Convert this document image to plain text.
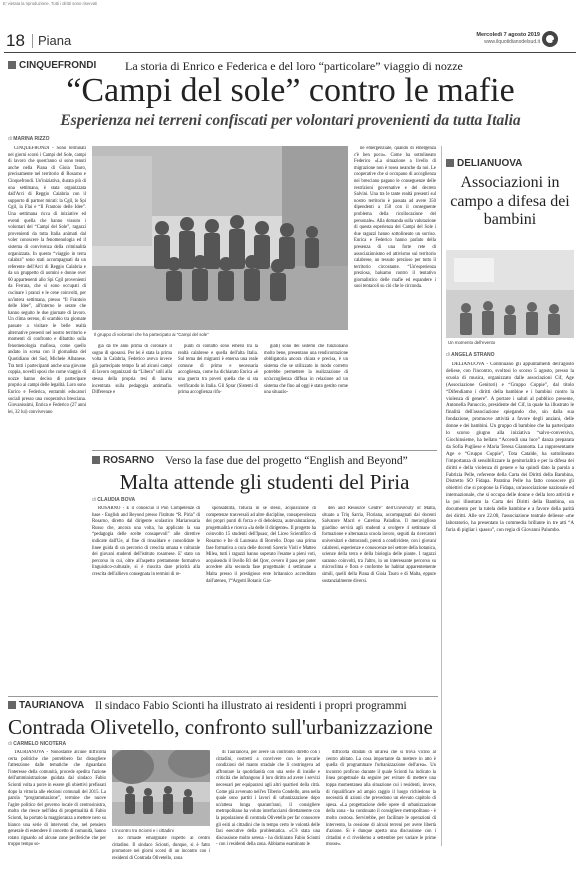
E' vietata la riproduzione. Tutti i diritti sono riservati
18 Piana	Mercoledì 7 agosto 2019
www.ilquotidianodelsud.it
CINQUEFRONDI La storia di Enrico e Federica e del loro “particolare” viaggio di nozze
“Campi del sole” contro le mafie
Esperienza nei terreni confiscati per volontari provenienti da tutta Italia
di MARINA RIZZO

CINQUEFRONDI - Sono terminati nei giorni scorsi i Campi del Sole, campi di lavoro che quest'anno si sono tenuti anche nella Piana di Gioia Tauro, precisamente nel territorio di Rosarno e Cinquefrondi. Un'iniziativa, durata più di una settimana, è stata organizzata dall'Arci di Reggio Calabria con il supporto di partner mirati: la Cgil, lo Spi Cgil, la Flai e “Il Frantoio delle Idee”. Una settimana ricca di iniziative ed eventi quella che hanno vissuto i volontari del “Campi del Sole”, ragazzi provenienti da tutta Italia animati dal voler conoscere la fenomenologia ed il sistema di convivenza della criminalità organizzata. In questo “viaggio in terra calabra” sono stati accompagnati da un referente dell'Arci di Reggio Calabria e da un gruppetto di uomini e donne over 60 appartenenti allo Spi Cgil provenienti da Ferrara, che si sono occupati di cucinare i pranzi e le cene coinvolti, per un'intera settimana, presso “Il Frantoio delle Idee”, all'interno le serate che hanno seguito le due giornate di lavoro. Un clima sereno, di scambio tra giornate passate a visitare le belle realtà alternative presenti nel nostro territorio e momenti di confronto e dibattito sulla fenomenologia mafiosa, come quello andato in scena con il giornalista del Quotidiano del Sud, Michele Albanese. Tra tutti i partecipanti anche una giovane coppia, novelli sposi che come viaggio di nozze hanno deciso di partecipare proprio ai campi delle legalità. Loro sono Enrico e Federica, entrambi educatori sociali presso una cooperativa bresciana. Giovanissimi, Enrica e Federico (27 anni lei, 32 lui) convivevano

Il gruppo di volontari che ha partecipato ai “Campi del sole”

già da tre anni prima di coronare il sogno di sposarsi. Per lei è stata la prima volta in Calabria, Federico aveva invece già partecipato tempo fa ad alcuni campi di lavoro organizzati da “Libera” utili alla stessa della propria tesi di laurea incentrata sulla pedagogia antimafia. Differenze e

punti di contatto sono emersi tra la realtà calabrese e quella dell'alta Italia. Sul tema dei migranti è emersa una reale comune di primo e necessaria accoglienza, come ha dichiarato Enrica «è una guerra tra poveri quella che si sta verificando in Italia. Gli Sprar (Sistemi di prima accoglienza rifu-

giati) sono dei sistemi che funzionano molto bene, presentano una rendicontazione obbligatoria ancora chiara e precisa, è un sistema che se utilizzato in modo corretto potrebbe permettere la realizzazione di un'accoglienza diffusa in relazione ad un sistema che fino ad oggi è stato gestito come una situazio-

ne emergenziale, quando di emergenza c'è ben poco». Come ha sottolineato Federico «La situazione a livello di migrazione non è rosea neanche da noi. Le cooperative che si occupano di accoglienza nei bresciano pagano le conseguenze delle restrizioni governative e del decreto Salvini. Una tra le tante realtà presenti sul nostro territorio è passata ad avere 350 dipendenti a 150 con il conseguente problema della ricollocazione del personale». Alla domanda sulla valutazione di questa esperienza dei Campi del Sole i due ragazzi hanno sottolineato un sorriso. Enrica e Federico hanno parlato della presenza di una forte rete di associazionismo ed attivismo sul territorio calabrese, un tessuto prezioso per tutto il territorio circostante. “Un'esperienza preziosa, balsamo contro il tentativo giornalistico delle mafie ed espandere i suoi tentacoli su ciò che le circonda.

DELIANUOVA
Associazioni in campo a difesa dei bambini
Un momento dell'evento
di ANGELA STRANO

DELIANUOVA - Continuano gli appuntamenti dell'agosto deliese, con l'incontro, svoltosi lo scorso 5 agosto, presso la scuola di musica, organizzato dalle associazioni Cif, Age (Associazione Genitori) e “Gruppo Coppie”, dal titolo “Difendiamo i diritti della bambine e i bambini contro la violenza di genere”. A portare i saluti al pubblico presente, Antonella Panuccio, presidente del Cif, la quale ha illustrato le finalità dell'associazione spiegando che, sin dalla sua fondazione, promuove attività a favore degli anziani, delle donne e dei bambini. Un gruppo di bambine che ha partecipato lo scorso giugno alla iniziativa “salvo-conversiva, Giochinsieme, ha bellato “Accendi una luce” danza preparata da Sofia Pugliese e Maria Teresa Giannotta. La rappresentante Age e “Gruppo Coppie”, Tota Catalde, ha sottolineato l'importanza di sensibilizzare la genitorialità e per la difesa dei diritti e della violenza di genere e ha quindi dato la parola a Fabrizia Pelle, referente della Carta dei Diritti della Bambina, Distretto SO Fidapa. Paratina Pelle ha fatto conoscere gli obiettivi che si propone la Fidapa, un'associazione nazionale ed internazionale, che si occupa delle donne e della loro attività e la poi illustrato la Carta dei Diritti della Bambina, un documento per la tutela delle bambine e a favore della parità dei diritti. Alle ore 22.00, l'associazione teatrale deliesse «me laboratorio, ha presentato la commedia brillante in tre atti “A furia di pigliar i spassu”, con regia di Giovanni Palumbo.

ROSARNO Verso la fase due del progetto “English and Beyond”
Malta attende gli studenti del Piria
di CLAUDIA BOVA

ROSARNO - È il conoscuo il Pon Competenze di base - English and Beyond presso l'Istituto “R. Piria” di Rosarno, diretto dal dirigente scolastico Mariarosaria Russo che, ancora una volta, ha applicato la sua “pedagogia delle scelte consapevoli” alle direttive indicate dall'Ue, al fine di rinsaldare e consolidare le linee guida di un percorso di crescita umana e culturale dei giovani studenti dell'istituto rosarnese. E' stato un percorso in cui, oltre all'aspetto prettamente formativo linguistico-culturale, si è riuscita dare priorità alla crescita dell'allievo consegnata in termini di re-

sponsabilità, fiducia in sé stessi, acquisizione di competenze trasversali ad altre discipline, consapevolezza dei propri punti di forza e di debolezza, autovalutazione, progettualità e ricerca «la delle il dirigente». Il progetto ha coinvolto 15 studenti dell'Ipsasr, del Liceo Scientifico di Rosarno e Ite di Laureana di Borrello. Dopo una prima fase formativa a cura delle docenti Saverio Violi e Matteo Milea, tutti i ragazzi hanno superato l'esame a pieni voti, acquisendo il livello B1 del Qcer, ovvero il pass per poter accedere alla seconda fase progettuale: 4 settimane a Malta presso il prestigioso ente britannico accreditato dall'ateneo, l'“Argotti Botanic Gar-

den and Resource Centre” dell'University of Malta, situato a Triq Sarria, Floriana, accompagnati dai docenti Salvatore Macrì e Caterina Paladino. Il meraviglioso giardino servirà agli studenti a svolgere 4 settimane di formazione e alternanza scuola lavoro, seguiti da ricercatori universitari e dottorandi, prenti a condividere, con i giovani calabresi, esperienze e conoscenze nel settore della botanica, scienze della terra e della biologia delle piante. I ragazzi saranno coinvolti, tra l'altro, in un interessante percorso su microclima e flora e conforme ho habitat apparentemente simili, quelli della Piana di Gioia Tauro e di Malta, eppure sostanzialmente diversi.

TAURIANOVA Il sindaco Fabio Scionti ha illustrato ai residenti i propri programmi
Contrada Olivetello, confronto sull'urbanizzazione
di CARMELO NICOTERA

TAURIANOVA - Nonostante alcune difficoltà certa politiche che potrebbero far distogliere l'attenzione dalle tematiche che riguardano l'interesse della comunità, procede spedita l'azione dell'amministrazione guidata dal sindaco Fabio Scionti volta a porre in essere gli obiettivi prefissati dopo la vittoria alle elezioni comunali del 2015. La parola “programmazione”, termine che nuove l'agire politico del governo locale di centrosinistra, molto che riesce nell'idea di progettualità di Fabio Scionti, ha portato la maggioranza a mettere nero su bianco una serie di interventi che, nel pensiero generale di estendere il concetto di comunità, hanno rotato riguardo ad alcune zone periferiche che per troppo tempo so-

L'incontro tra Scionti e i cittadini

no rimaste emarginate rispetto al centro cittadino. Il sindaco Scionti, dunque, si è fatto promotore nei giorni scorsi di un incontro con i residenti di Contrada Olivetello, zona

di Taurianova, per avere un confronto diretto con i cittadini, costretti a convivere con le precarie condizioni del manto stradale che li costringeva ad affrontare la quotidianità con una serie di insidie e criticità che infrangono il loro diritto ad avere i servizi necessari per equipararsi agli altri quartieri della città. Come già avvenuto nell'ex Tiberio Condello, area nella quale sono partiti i lavori di urbanizzazione dopo un'attesa lunga quarant'anni, il consigliere metropolitano ha voluto interfacciarsi direttamente con la popolazione di contrada Olivetello per far conoscere gli esiti ai cittadini che in tempo certo le volontà delle fasi esecutive della problematica. «C'è stata una discussione molto serena - ha dichiarato Fabio Scionti - con i residenti della zona. Abbiamo esaminato le

difficoltà stradali di un'area che si trova vicino al centro abitato. La cosa importante da mettere in atto è quella di programmare l'urbanizzazione dell'area». Un incontro proficuo durante il quale Scionti ha indicato la linea progettuale da seguire per evitare di mettere una toppa momentanea alla situazione cui i residenti, invece, di riqualificare ad ampio raggio il luogo richiedono la necessità di azioni che prevedono un elevato capitolo di spesa. «La progettazione delle opere di urbanizzazione della zona - ha continuato il consigliere metropolitano - è molto costosa. Servirebbe, per facilitare le operazioni di intervento, la cessione di alcuni terreni per avere libertà d'azione. Si è dunque aperta una discussione con i cittadini e ci riveldemo a settembre per variare le prime mosse».
